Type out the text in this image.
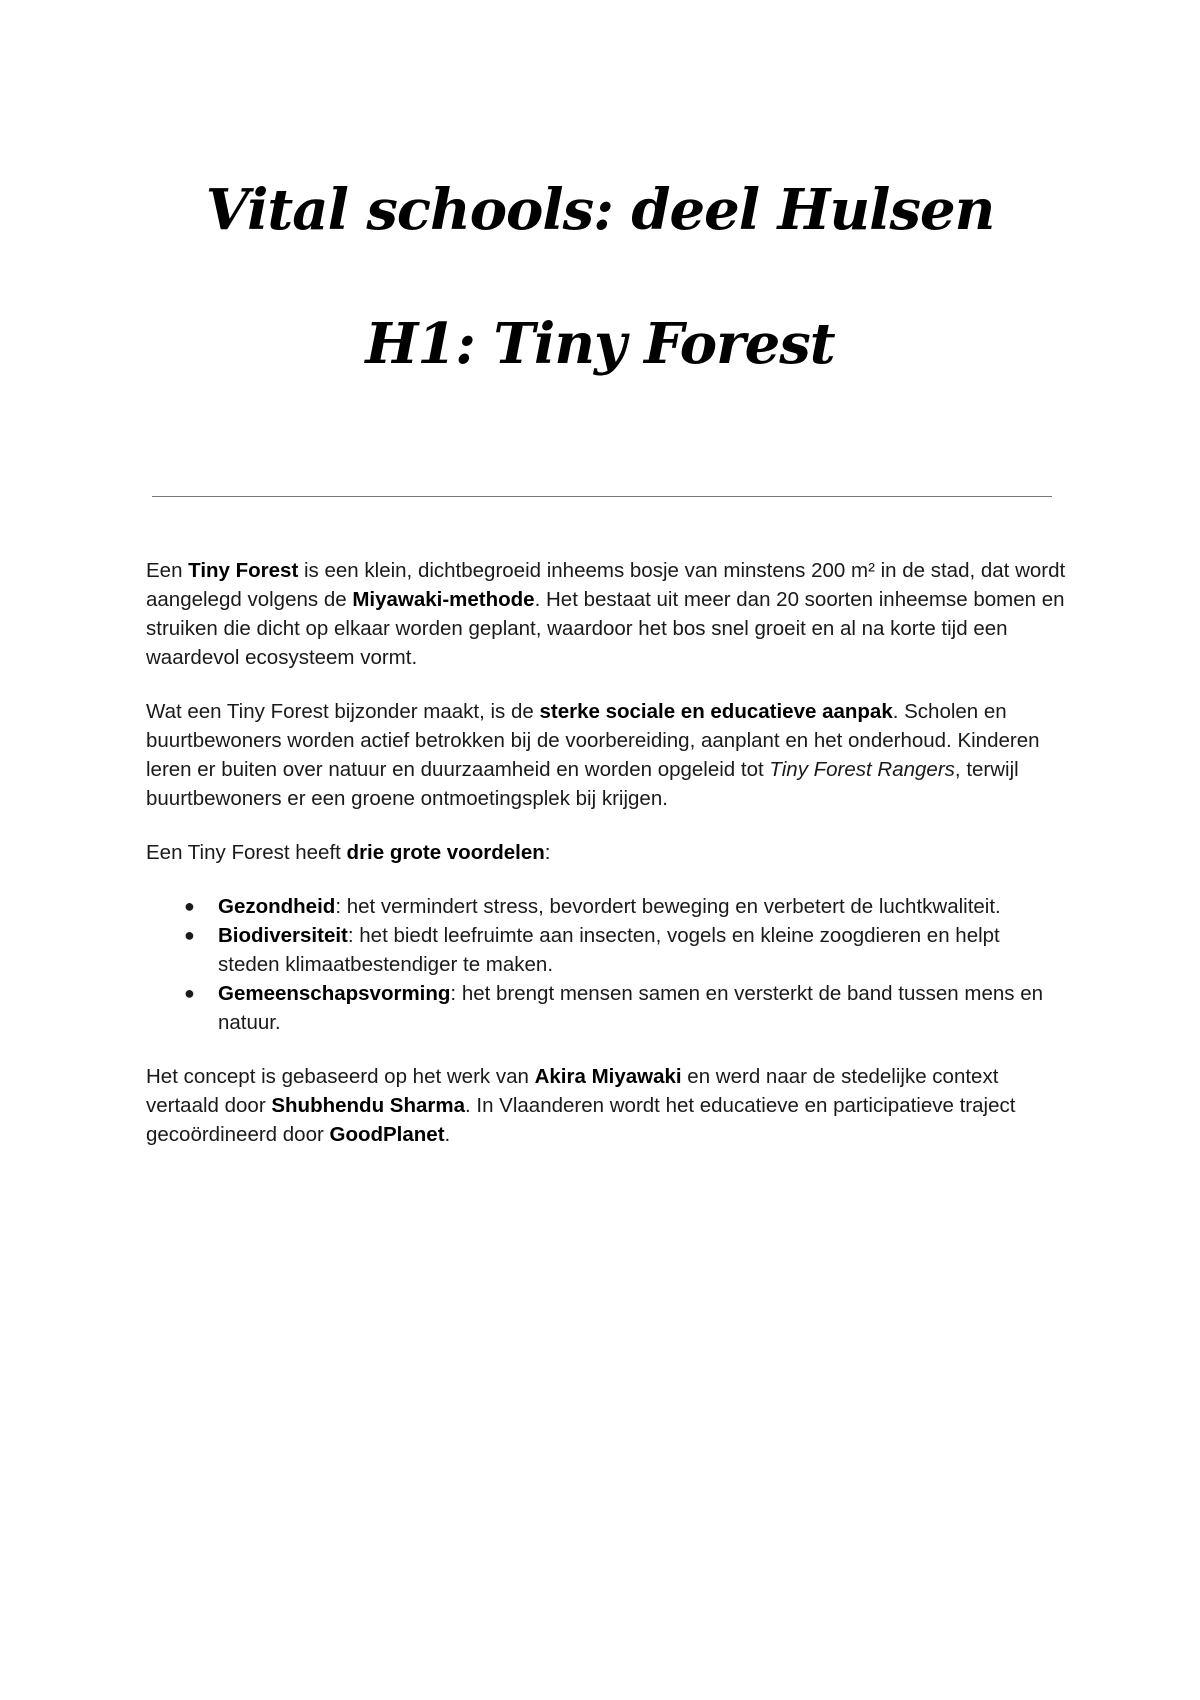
Vital schools: deel Hulsen
H1: Tiny Forest

Een Tiny Forest is een klein, dichtbegroeid inheems bosje van minstens 200 m² in de stad, dat wordt aangelegd volgens de Miyawaki-methode. Het bestaat uit meer dan 20 soorten inheemse bomen en struiken die dicht op elkaar worden geplant, waardoor het bos snel groeit en al na korte tijd een waardevol ecosysteem vormt.

Wat een Tiny Forest bijzonder maakt, is de sterke sociale en educatieve aanpak. Scholen en buurtbewoners worden actief betrokken bij de voorbereiding, aanplant en het onderhoud. Kinderen leren er buiten over natuur en duurzaamheid en worden opgeleid tot Tiny Forest Rangers, terwijl buurtbewoners er een groene ontmoetingsplek bij krijgen.

Een Tiny Forest heeft drie grote voordelen:

● Gezondheid: het vermindert stress, bevordert beweging en verbetert de luchtkwaliteit.
● Biodiversiteit: het biedt leefruimte aan insecten, vogels en kleine zoogdieren en helpt steden klimaatbestendiger te maken.
● Gemeenschapsvorming: het brengt mensen samen en versterkt de band tussen mens en natuur.

Het concept is gebaseerd op het werk van Akira Miyawaki en werd naar de stedelijke context vertaald door Shubhendu Sharma. In Vlaanderen wordt het educatieve en participatieve traject gecoördineerd door GoodPlanet.
